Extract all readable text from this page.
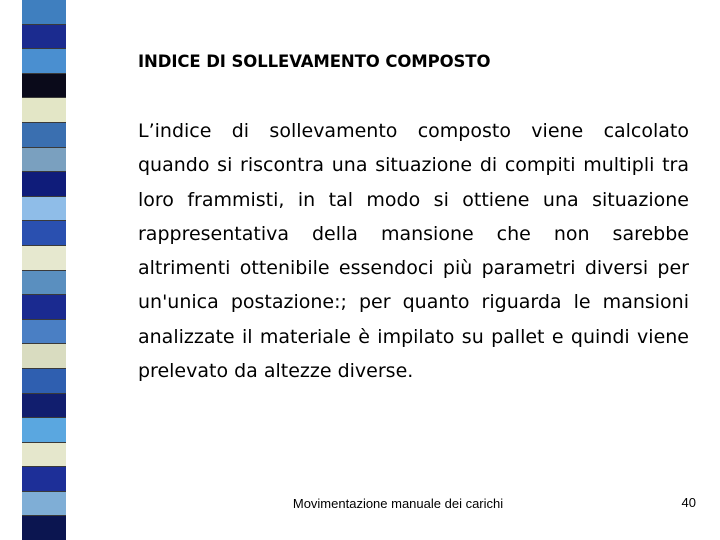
INDICE DI SOLLEVAMENTO COMPOSTO

L’indice di sollevamento composto viene calcolato quando si riscontra una situazione di compiti multipli tra loro frammisti, in tal modo si ottiene una situazione rappresentativa della mansione che non sarebbe altrimenti ottenibile essendoci più parametri diversi per un'unica postazione:; per quanto riguarda le mansioni analizzate il materiale è impilato su pallet e quindi viene prelevato da altezze diverse.

Movimentazione manuale dei carichi	40
